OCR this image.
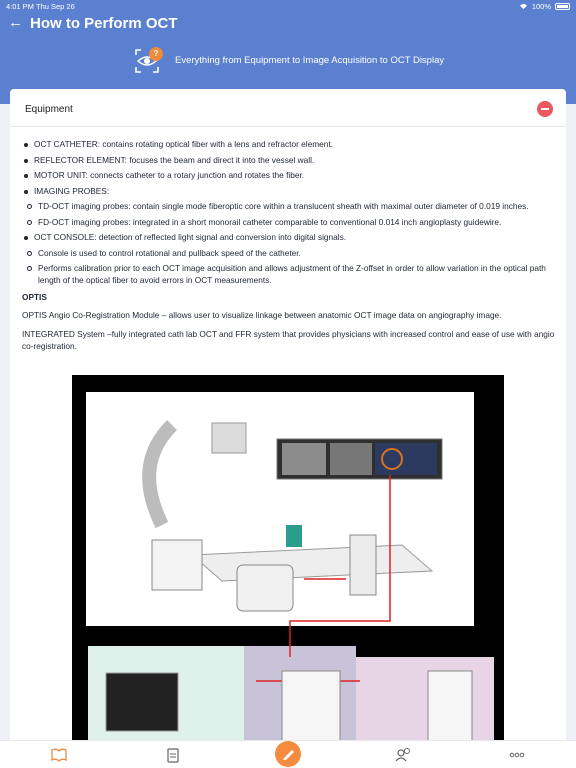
4:01 PM Thu Sep 26	100%
← How to Perform OCT
?
Everything from Equipment to Image Acquisition to OCT Display
Equipment
OCT CATHETER: contains rotating optical fiber with a lens and refractor element.
REFLECTOR ELEMENT: focuses the beam and direct it into the vessel wall.
MOTOR UNIT: connects catheter to a rotary junction and rotates the fiber.
IMAGING PROBES:
TD-OCT imaging probes: contain single mode fiberoptic core within a translucent sheath with maximal outer diameter of 0.019 inches.
FD-OCT imaging probes: integrated in a short monorail catheter comparable to conventional 0.014 inch angioplasty guidewire.
OCT CONSOLE: detection of reflected light signal and conversion into digital signals.
Console is used to control rotational and pullback speed of the catheter.
Performs calibration prior to each OCT image acquisition and allows adjustment of the Z-offset in order to allow variation in the optical path length of the optical fiber to avoid errors in OCT measurements.
OPTIS
OPTIS Angio Co-Registration Module – allows user to visualize linkage between anatomic OCT image data on angiography image.
INTEGRATED System –fully integrated cath lab OCT and FFR system that provides physicians with increased control and ease of use with angio co-registration.
